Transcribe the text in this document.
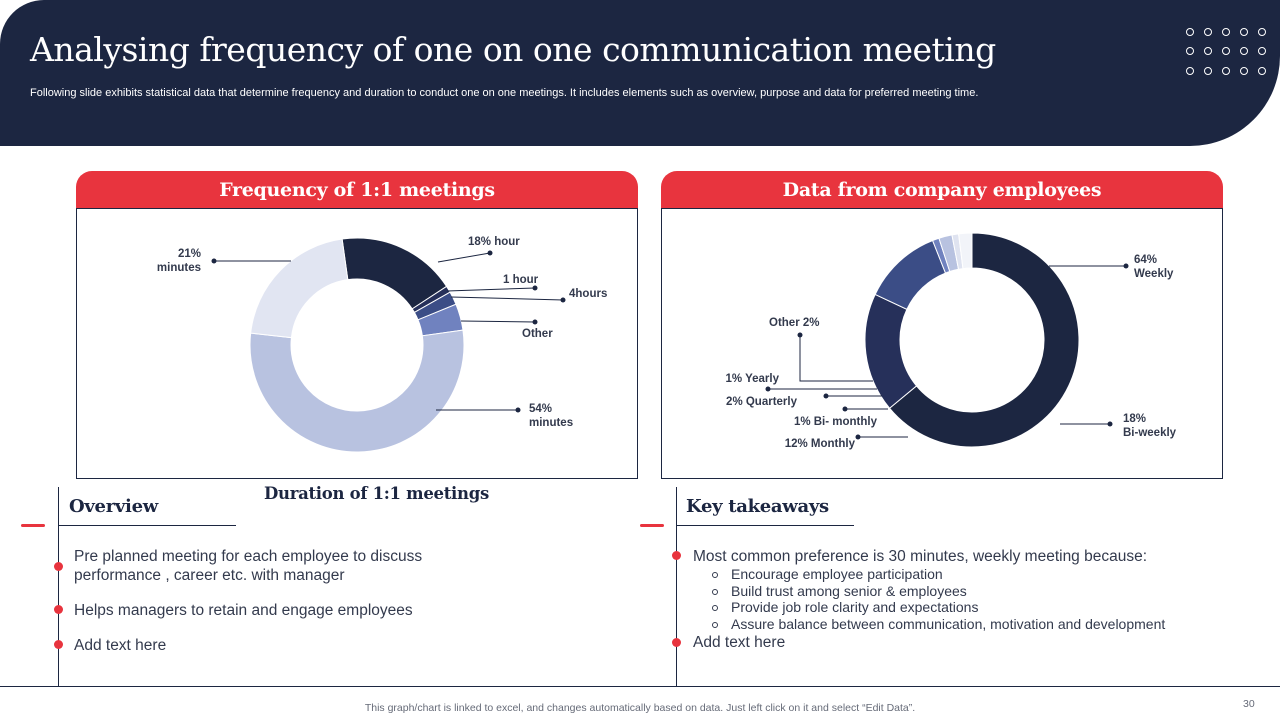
Analysing frequency of one on one communication meeting
Following slide exhibits statistical data that determine frequency and duration to conduct one on one meetings. It includes elements such as overview, purpose and data for preferred meeting time.
Frequency of 1:1 meetings	Data from company employees
21% minutes
18% hour
1 hour
4hours
Other
54% minutes
64% Weekly
18% Bi-weekly
12% Monthly
1% Bi- monthly
2% Quarterly
1% Yearly
Other 2%
Duration of 1:1 meetings
Overview
Pre planned meeting for each employee to discuss
performance , career etc. with manager
Helps managers to retain and engage employees
Add text here
Key takeaways
Most common preference is 30 minutes, weekly meeting because:
Encourage employee participation
Build trust among senior & employees
Provide job role clarity and expectations
Assure balance between communication, motivation and development
Add text here
This graph/chart is linked to excel, and changes automatically based on data. Just left click on it and select “Edit Data”.	30
